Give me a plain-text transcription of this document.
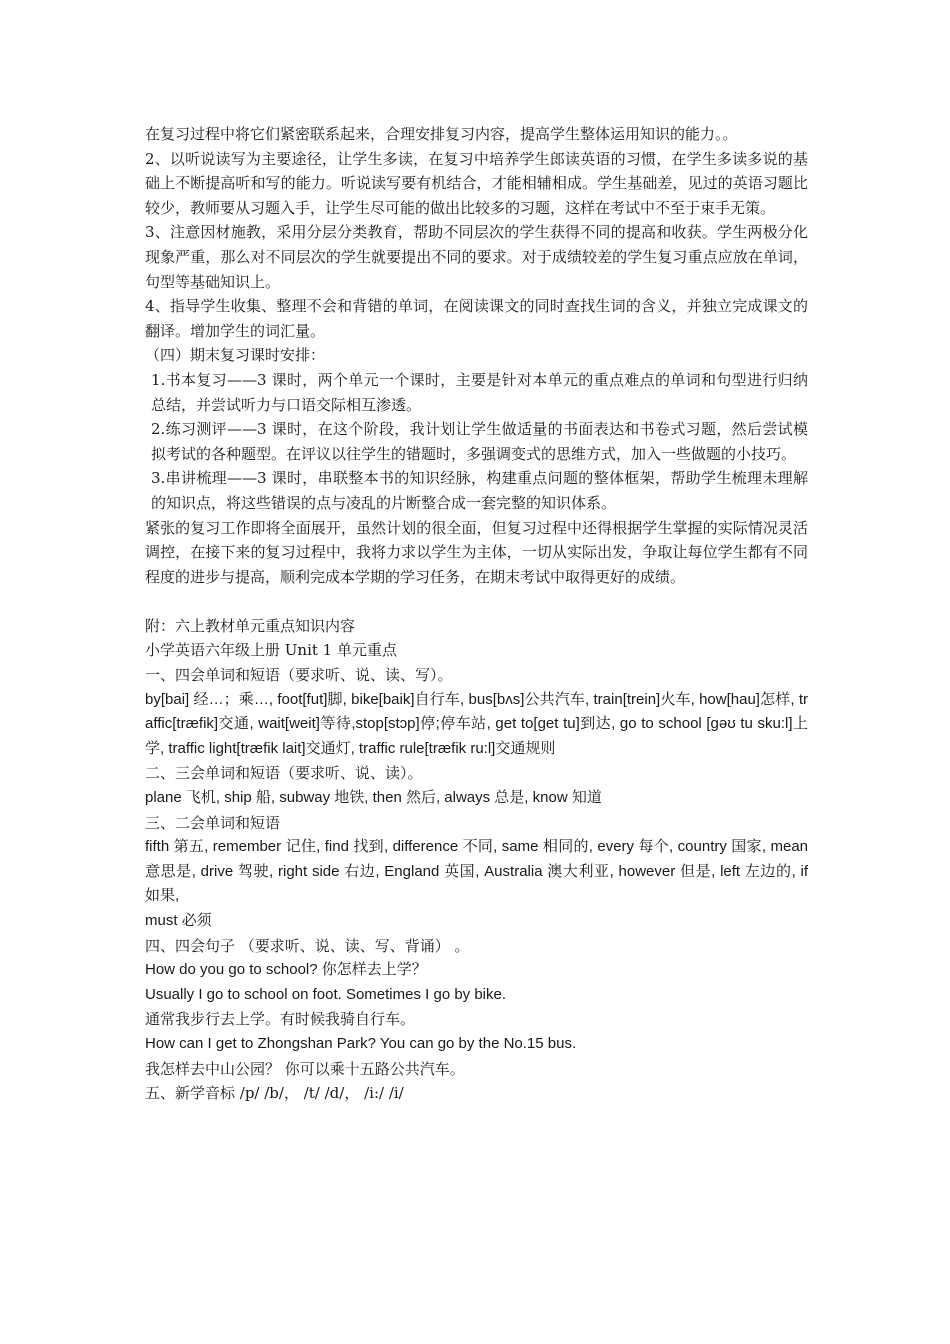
在复习过程中将它们紧密联系起来，合理安排复习内容，提高学生整体运用知识的能力。。

2、以听说读写为主要途径，让学生多读，在复习中培养学生郎读英语的习惯，在学生多读多说的基础上不断提高听和写的能力。听说读写要有机结合，才能相辅相成。学生基础差，见过的英语习题比较少，教师要从习题入手，让学生尽可能的做出比较多的习题，这样在考试中不至于束手无策。

3、注意因材施教，采用分层分类教育，帮助不同层次的学生获得不同的提高和收获。学生两极分化现象严重，那么对不同层次的学生就要提出不同的要求。对于成绩较差的学生复习重点应放在单词，句型等基础知识上。

4、指导学生收集、整理不会和背错的单词，在阅读课文的同时查找生词的含义，并独立完成课文的翻译。增加学生的词汇量。

（四）期末复习课时安排：

1.书本复习——3 课时，两个单元一个课时，主要是针对本单元的重点难点的单词和句型进行归纳总结，并尝试听力与口语交际相互渗透。

2.练习测评——3 课时，在这个阶段，我计划让学生做适量的书面表达和书卷式习题，然后尝试模拟考试的各种题型。在评议以往学生的错题时，多强调变式的思维方式，加入一些做题的小技巧。

3.串讲梳理——3 课时，串联整本书的知识经脉，构建重点问题的整体框架，帮助学生梳理未理解的知识点，将这些错误的点与凌乱的片断整合成一套完整的知识体系。

紧张的复习工作即将全面展开，虽然计划的很全面，但复习过程中还得根据学生掌握的实际情况灵活调控，在接下来的复习过程中，我将力求以学生为主体，一切从实际出发，争取让每位学生都有不同程度的进步与提高，顺利完成本学期的学习任务，在期末考试中取得更好的成绩。

附：六上教材单元重点知识内容

小学英语六年级上册 Unit 1 单元重点

一、四会单词和短语（要求听、说、读、写）。

by[bai] 经…；乘…, foot[fut]脚, bike[baik]自行车, bus[bʌs]公共汽车, train[trein]火车, how[hau]怎样, traffic[træfik]交通, wait[weit]等待,stop[stɔp]停;停车站, get to[get tu]到达, go to school [gəʊ tu sku:l]上学, traffic light[træfik lait]交通灯, traffic rule[træfik ru:l]交通规则

二、三会单词和短语（要求听、说、读）。

plane 飞机, ship 船, subway 地铁, then 然后, always 总是, know 知道

三、二会单词和短语

fifth 第五, remember 记住, find 找到, difference 不同, same 相同的, every 每个, country 国家, mean 意思是, drive 驾驶, right side 右边, England 英国, Australia 澳大利亚, however 但是, left 左边的, if 如果,

must 必须

四、四会句子 （要求听、说、读、写、背诵） 。

How do you go to school? 你怎样去上学？

Usually I go to school on foot. Sometimes I go by bike.

通常我步行去上学。有时候我骑自行车。

How can I get to Zhongshan Park? You can go by the No.15 bus.

我怎样去中山公园？ 你可以乘十五路公共汽车。

五、新学音标 /p/ /b/， /t/ /d/， /i:/ /i/
